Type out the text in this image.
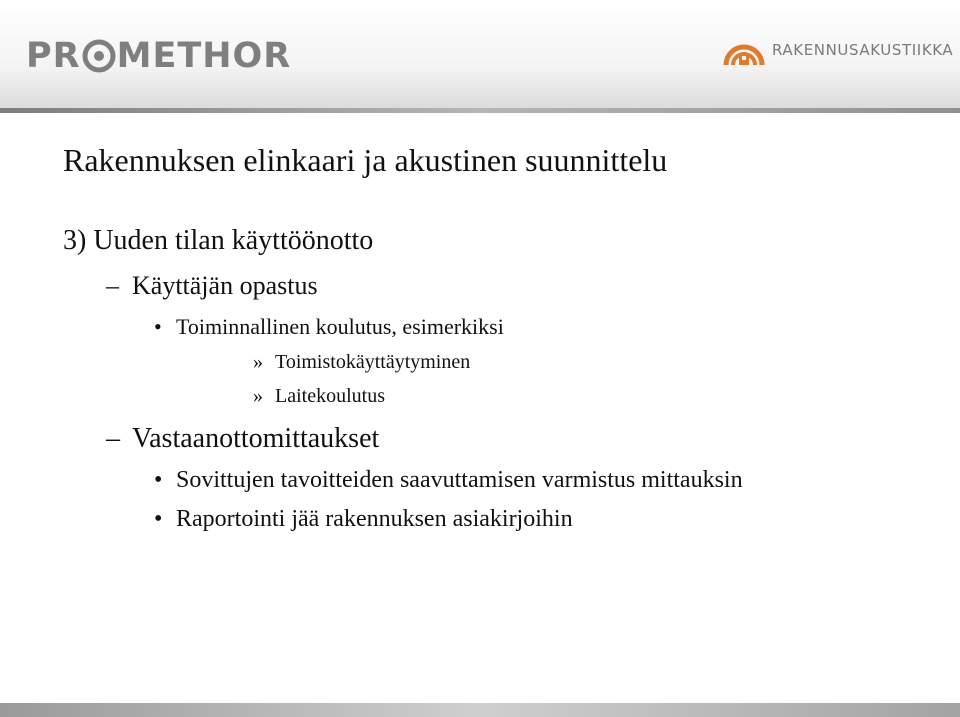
PR METHOR	RAKENNUSAKUSTIIKKA
Rakennuksen elinkaari ja akustinen suunnittelu
3) Uuden tilan käyttöönotto
– Käyttäjän opastus
• Toiminnallinen koulutus, esimerkiksi
» Toimistokäyttäytyminen
» Laitekoulutus
– Vastaanottomittaukset
• Sovittujen tavoitteiden saavuttamisen varmistus mittauksin
• Raportointi jää rakennuksen asiakirjoihin
